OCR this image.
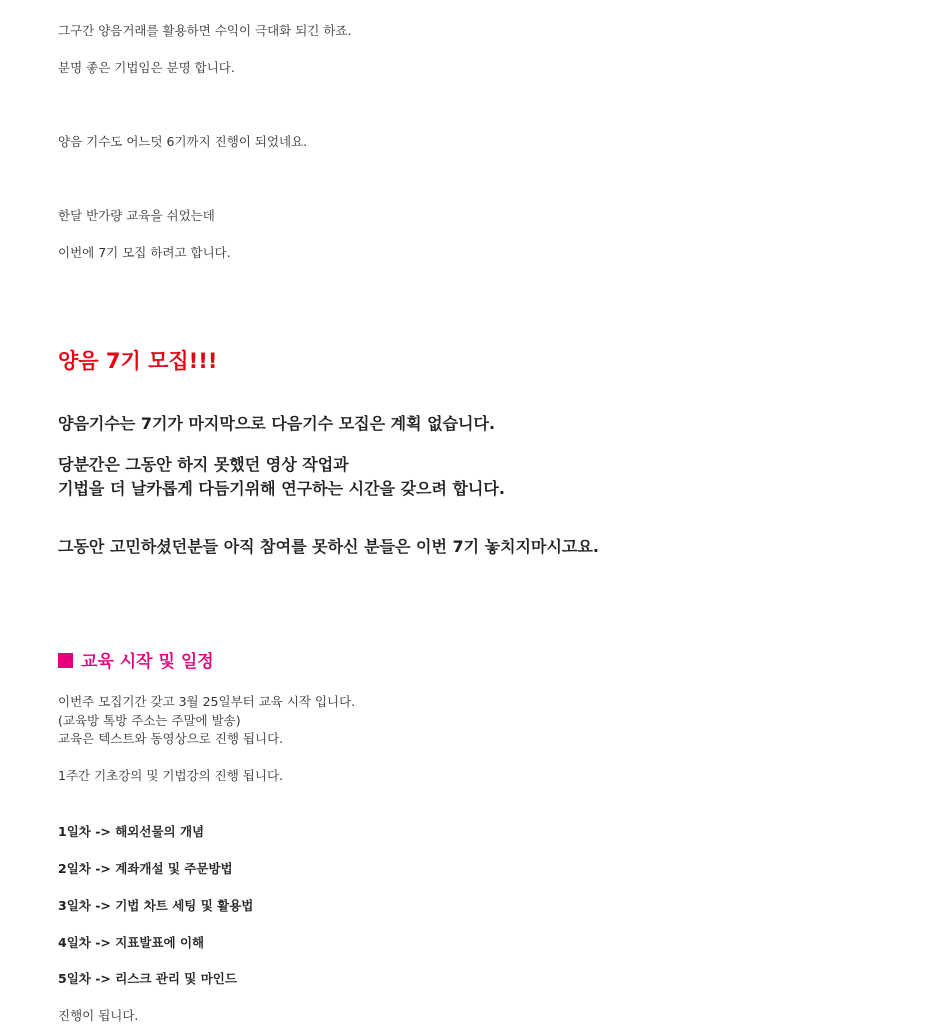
그구간 양음거래를 활용하면 수익이 극대화 되긴 하죠.
분명 좋은 기법임은 분명 합니다.
양음 기수도 어느덧 6기까지 진행이 되었네요.
한달 반가량 교육을 쉬었는데
이번에 7기 모집 하려고 합니다.
양음 7기 모집!!!
양음기수는 7기가 마지막으로 다음기수 모집은 계획 없습니다.
당분간은 그동안 하지 못했던 영상 작업과
기법을 더 날카롭게 다듬기위해 연구하는 시간을 갖으려 합니다.
그동안 고민하셨던분들 아직 참여를 못하신 분들은 이번 7기 놓치지마시고요.
교육 시작 및 일정
이번주 모집기간 갖고 3월 25일부터 교육 시작 입니다.
(교육방 톡방 주소는 주말에 발송)
교육은 텍스트와 동영상으로 진행 됩니다.
1주간 기초강의 및 기법강의 진행 됩니다.
1일차 -> 해외선물의 개념
2일차 -> 계좌개설 및 주문방법
3일차 -> 기법 차트 세팅 및 활용법
4일차 -> 지표발표에 이해
5일차 -> 리스크 관리 및 마인드
진행이 됩니다.
